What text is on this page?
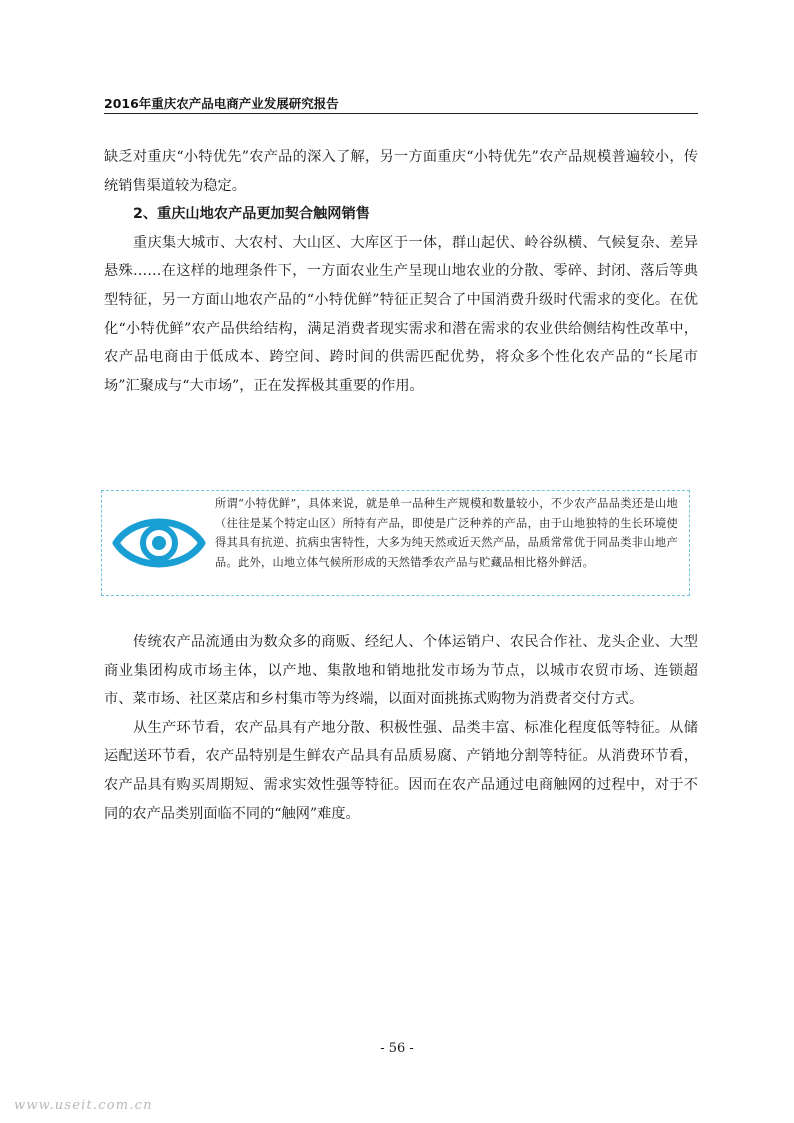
2016年重庆农产品电商产业发展研究报告

缺乏对重庆“小特优先”农产品的深入了解，另一方面重庆“小特优先”农产品规模普遍较小，传统销售渠道较为稳定。

2、重庆山地农产品更加契合触网销售

重庆集大城市、大农村、大山区、大库区于一体，群山起伏、岭谷纵横、气候复杂、差异悬殊……在这样的地理条件下，一方面农业生产呈现山地农业的分散、零碎、封闭、落后等典型特征，另一方面山地农产品的“小特优鲜”特征正契合了中国消费升级时代需求的变化。在优化“小特优鲜”农产品供给结构，满足消费者现实需求和潜在需求的农业供给侧结构性改革中，农产品电商由于低成本、跨空间、跨时间的供需匹配优势，将众多个性化农产品的“长尾市场”汇聚成与“大市场”，正在发挥极其重要的作用。

所谓“小特优鲜”，具体来说，就是单一品种生产规模和数量较小，不少农产品品类还是山地（往往是某个特定山区）所特有产品，即使是广泛种养的产品，由于山地独特的生长环境使得其具有抗逆、抗病虫害特性，大多为纯天然或近天然产品，品质常常优于同品类非山地产品。此外，山地立体气候所形成的天然错季农产品与贮藏品相比格外鲜活。

传统农产品流通由为数众多的商贩、经纪人、个体运销户、农民合作社、龙头企业、大型商业集团构成市场主体，以产地、集散地和销地批发市场为节点，以城市农贸市场、连锁超市、菜市场、社区菜店和乡村集市等为终端，以面对面挑拣式购物为消费者交付方式。

从生产环节看，农产品具有产地分散、积极性强、品类丰富、标准化程度低等特征。从储运配送环节看，农产品特别是生鲜农产品具有品质易腐、产销地分割等特征。从消费环节看，农产品具有购买周期短、需求实效性强等特征。因而在农产品通过电商触网的过程中，对于不同的农产品类别面临不同的“触网”难度。

- 56 -
www.useit.com.cn
